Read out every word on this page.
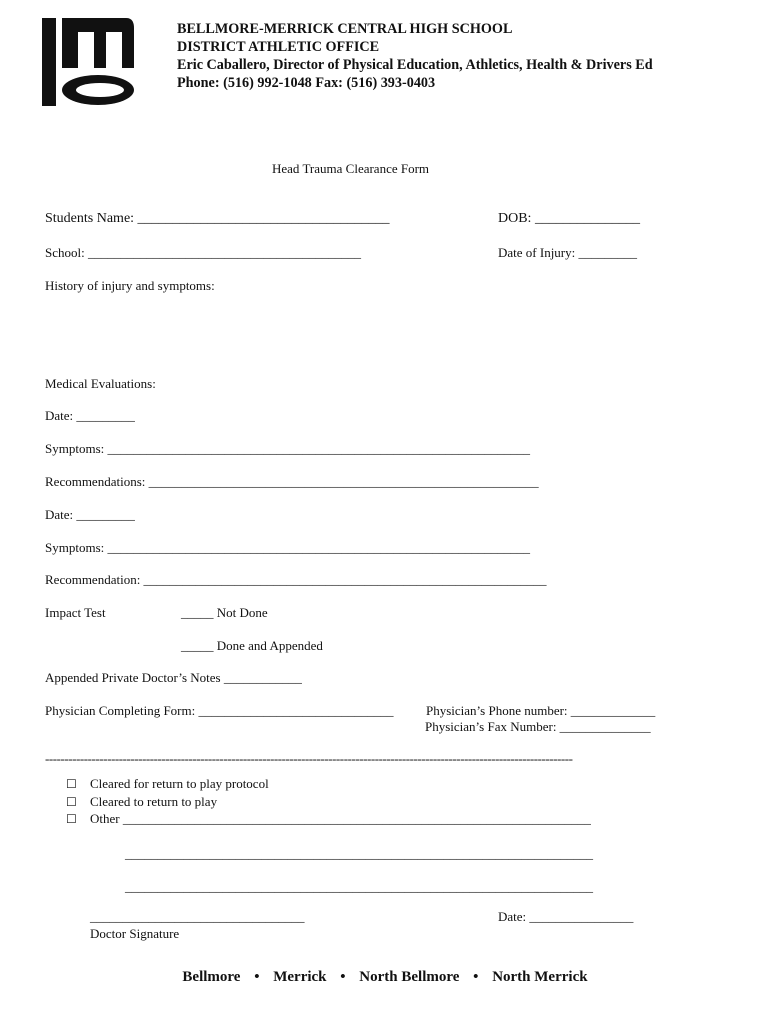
BELLMORE-MERRICK CENTRAL HIGH SCHOOL
DISTRICT ATHLETIC OFFICE
Eric Caballero, Director of Physical Education, Athletics, Health & Drivers Ed
Phone: (516) 992-1048 Fax: (516) 393-0403
Head Trauma Clearance Form
Students Name: ____________________________________	DOB: _______________
School: __________________________________________	Date of Injury: _________
History of injury and symptoms:
Medical Evaluations:
Date: _________
Symptoms: _________________________________________________________________
Recommendations: ____________________________________________________________
Date: _________
Symptoms: _________________________________________________________________
Recommendation: ______________________________________________________________
Impact Test	_____ Not Done
_____ Done and Appended
Appended Private Doctor’s Notes ____________
Physician Completing Form: ______________________________	Physician’s Phone number: _____________
Physician’s Fax Number: ______________
----------------------------------------------------------------------------------------------------------------------------------------
☐ Cleared for return to play protocol
☐ Cleared to return to play
☐ Other ________________________________________________________________________
________________________________________________________________________
________________________________________________________________________
_________________________________
Doctor Signature
Date: ________________
Bellmore • Merrick • North Bellmore • North Merrick
